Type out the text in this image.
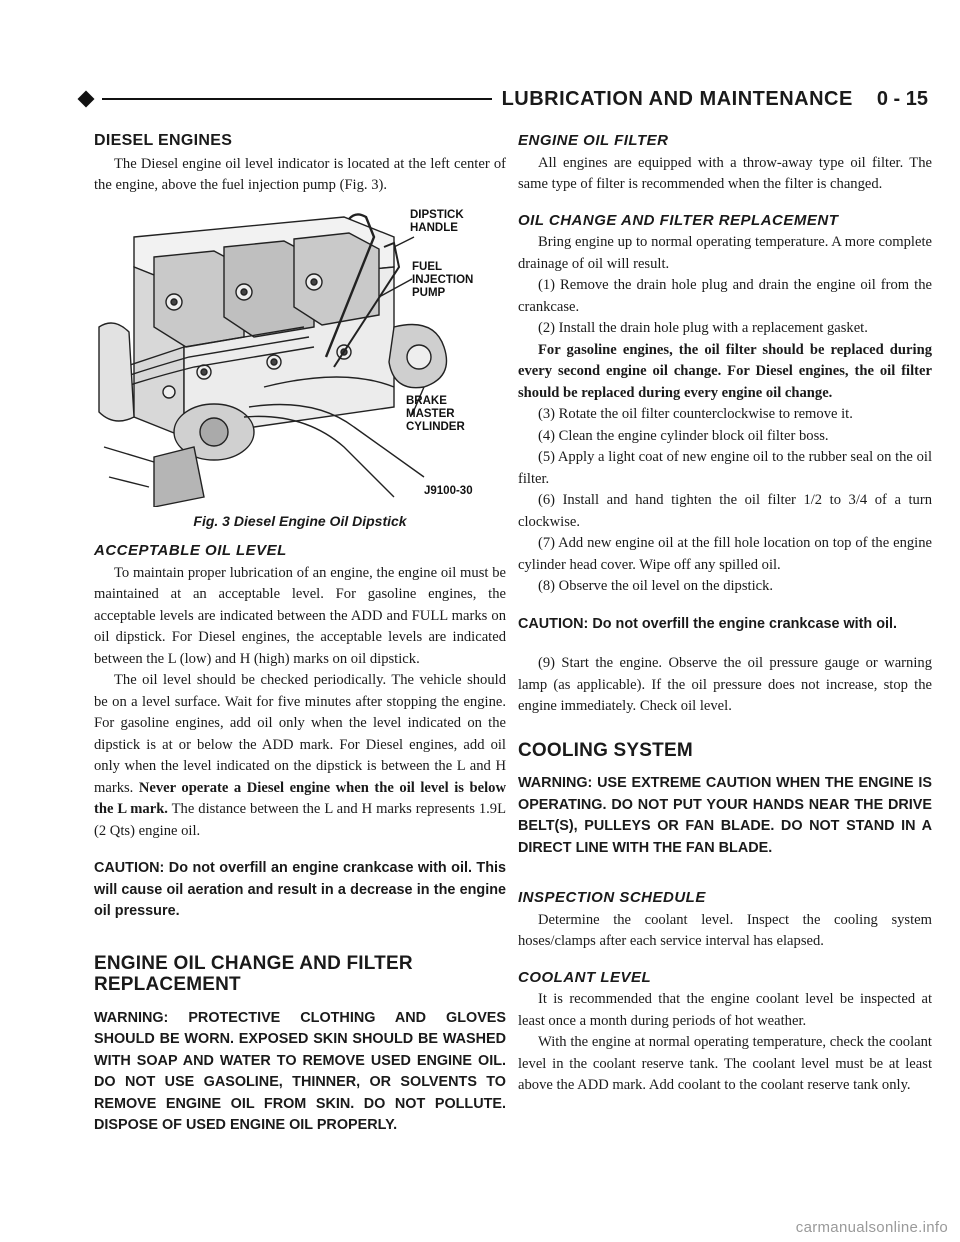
LUBRICATION AND MAINTENANCE 0 - 15
DIESEL ENGINES

The Diesel engine oil level indicator is located at the left center of the engine, above the fuel injection pump (Fig. 3).

DIPSTICK
HANDLE
FUEL
INJECTION
PUMP
BRAKE
MASTER
CYLINDER
J9100-30
Fig. 3 Diesel Engine Oil Dipstick
ACCEPTABLE OIL LEVEL

To maintain proper lubrication of an engine, the engine oil must be maintained at an acceptable level. For gasoline engines, the acceptable levels are indicated between the ADD and FULL marks on oil dipstick. For Diesel engines, the acceptable levels are indicated between the L (low) and H (high) marks on oil dipstick.

The oil level should be checked periodically. The vehicle should be on a level surface. Wait for five minutes after stopping the engine. For gasoline engines, add oil only when the level indicated on the dipstick is at or below the ADD mark. For Diesel engines, add oil only when the level indicated on the dipstick is between the L and H marks. Never operate a Diesel engine when the oil level is below the L mark. The distance between the L and H marks represents 1.9L (2 Qts) engine oil.

CAUTION: Do not overfill an engine crankcase with oil. This will cause oil aeration and result in a decrease in the engine oil pressure.

ENGINE OIL CHANGE AND FILTER REPLACEMENT

WARNING: PROTECTIVE CLOTHING AND GLOVES SHOULD BE WORN. EXPOSED SKIN SHOULD BE WASHED WITH SOAP AND WATER TO REMOVE USED ENGINE OIL. DO NOT USE GASOLINE, THINNER, OR SOLVENTS TO REMOVE ENGINE OIL FROM SKIN. DO NOT POLLUTE. DISPOSE OF USED ENGINE OIL PROPERLY.

ENGINE OIL FILTER

All engines are equipped with a throw-away type oil filter. The same type of filter is recommended when the filter is changed.

OIL CHANGE AND FILTER REPLACEMENT

Bring engine up to normal operating temperature. A more complete drainage of oil will result.

(1) Remove the drain hole plug and drain the engine oil from the crankcase.

(2) Install the drain hole plug with a replacement gasket.

For gasoline engines, the oil filter should be replaced during every second engine oil change. For Diesel engines, the oil filter should be replaced during every engine oil change.

(3) Rotate the oil filter counterclockwise to remove it.

(4) Clean the engine cylinder block oil filter boss.

(5) Apply a light coat of new engine oil to the rubber seal on the oil filter.

(6) Install and hand tighten the oil filter 1/2 to 3/4 of a turn clockwise.

(7) Add new engine oil at the fill hole location on top of the engine cylinder head cover. Wipe off any spilled oil.

(8) Observe the oil level on the dipstick.

CAUTION: Do not overfill the engine crankcase with oil.

(9) Start the engine. Observe the oil pressure gauge or warning lamp (as applicable). If the oil pressure does not increase, stop the engine immediately. Check oil level.

COOLING SYSTEM

WARNING: USE EXTREME CAUTION WHEN THE ENGINE IS OPERATING. DO NOT PUT YOUR HANDS NEAR THE DRIVE BELT(S), PULLEYS OR FAN BLADE. DO NOT STAND IN A DIRECT LINE WITH THE FAN BLADE.

INSPECTION SCHEDULE

Determine the coolant level. Inspect the cooling system hoses/clamps after each service interval has elapsed.

COOLANT LEVEL

It is recommended that the engine coolant level be inspected at least once a month during periods of hot weather.

With the engine at normal operating temperature, check the coolant level in the coolant reserve tank. The coolant level must be at least above the ADD mark. Add coolant to the coolant reserve tank only.

carmanualsonline.info
